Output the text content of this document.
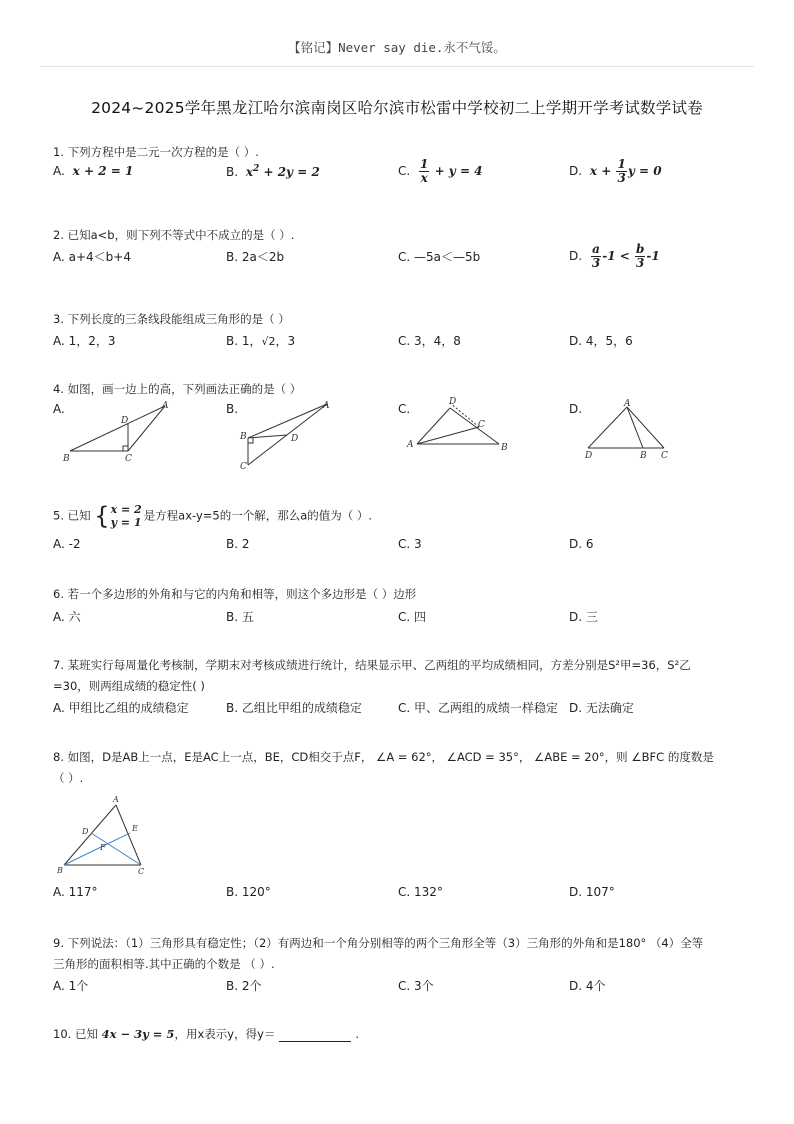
【铭记】Never say die.永不气馁。
2024~2025学年黑龙江哈尔滨南岗区哈尔滨市松雷中学校初二上学期开学考试数学试卷
1. 下列方程中是二元一次方程的是（ ）.
A. x + 2 = 1	B. $x^2 + 2y = 2$	C. $\frac{1}{x} + y = 4$	D. $x + \frac{1}{3}$ y = 0
2. 已知a<b，则下列不等式中不成立的是（ ）.
A. a+4＜b+4	B. 2a＜2b	C. —5a＜—5b	D. $\frac{a}{3} -1 < \frac{b}{3} -1$
3. 下列长度的三条线段能组成三角形的是（ ）
A. 1，2，3	B. 1，√2，3	C. 3，4，8	D. 4，5，6
4. 如图，画一边上的高，下列画法正确的是（ ）
A.	B.	C.	D.
A
B	C
D
A
B
C
D
D
A	B
C
A
D	B C
5. 已知 { x = 2
y = 1 是方程ax-y=5的一个解，那么a的值为（ ）.
A. -2	B. 2	C. 3	D. 6
6. 若一个多边形的外角和与它的内角和相等，则这个多边形是（ ）边形
A. 六	B. 五	C. 四	D. 三
7. 某班实行每周量化考核制，学期末对考核成绩进行统计，结果显示甲、乙两组的平均成绩相同，方差分别是S²甲=36，S²乙
=30，则两组成绩的稳定性( )
A. 甲组比乙组的成绩稳定	B. 乙组比甲组的成绩稳定	C. 甲、乙两组的成绩一样稳定 D. 无法确定
8. 如图，D是AB上一点，E是AC上一点，BE，CD相交于点F， ∠A = 62°， ∠ACD = 35°， ∠ABE = 20°，则 ∠BFC 的度数是
（ ）.
A
B	C
D	E
F
A. 117°	B. 120°	C. 132°	D. 107°
9. 下列说法：（1）三角形具有稳定性；（2）有两边和一个角分别相等的两个三角形全等（3）三角形的外角和是180° （4）全等
三角形的面积相等.其中正确的个数是 （ ）.
A. 1个	B. 2个	C. 3个	D. 4个
10. 已知 4x − 3y = 5，用x表示y，得y＝	.
